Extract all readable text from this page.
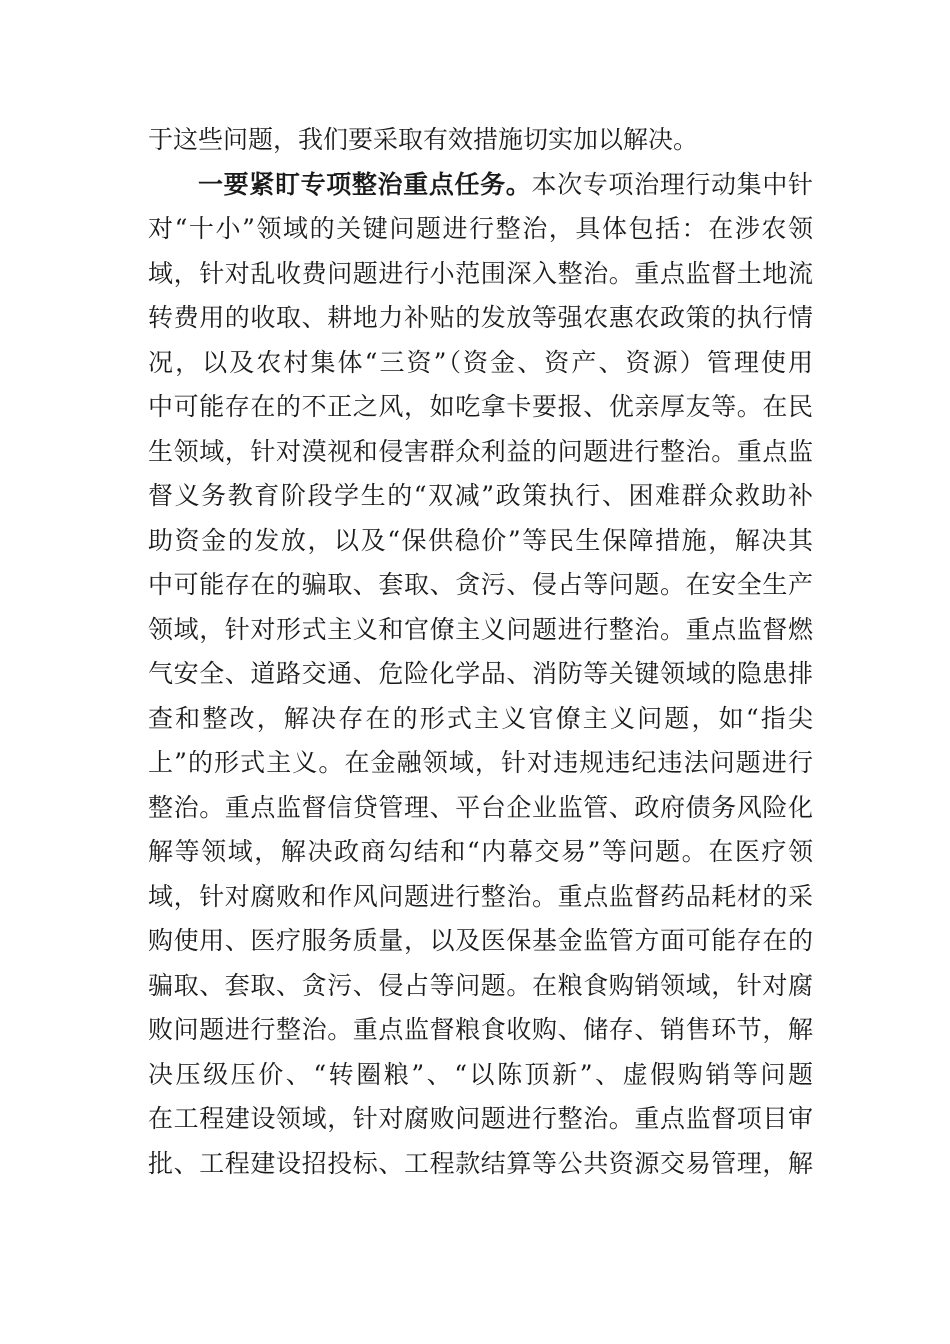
于这些问题，我们要采取有效措施切实加以解决。
一要紧盯专项整治重点任务。本次专项治理行动集中针
对“十小”领域的关键问题进行整治，具体包括：在涉农领
域，针对乱收费问题进行小范围深入整治。重点监督土地流
转费用的收取、耕地力补贴的发放等强农惠农政策的执行情
况，以及农村集体“三资”（资金、资产、资源）管理使用
中可能存在的不正之风，如吃拿卡要报、优亲厚友等。在民
生领域，针对漠视和侵害群众利益的问题进行整治。重点监
督义务教育阶段学生的“双减”政策执行、困难群众救助补
助资金的发放，以及“保供稳价”等民生保障措施，解决其
中可能存在的骗取、套取、贪污、侵占等问题。在安全生产
领域，针对形式主义和官僚主义问题进行整治。重点监督燃
气安全、道路交通、危险化学品、消防等关键领域的隐患排
查和整改，解决存在的形式主义官僚主义问题，如“指尖
上”的形式主义。在金融领域，针对违规违纪违法问题进行
整治。重点监督信贷管理、平台企业监管、政府债务风险化
解等领域，解决政商勾结和“内幕交易”等问题。在医疗领
域，针对腐败和作风问题进行整治。重点监督药品耗材的采
购使用、医疗服务质量，以及医保基金监管方面可能存在的
骗取、套取、贪污、侵占等问题。在粮食购销领域，针对腐
败问题进行整治。重点监督粮食收购、储存、销售环节，解
决压级压价、“转圈粮”、“以陈顶新”、虚假购销等问题
在工程建设领域，针对腐败问题进行整治。重点监督项目审
批、工程建设招投标、工程款结算等公共资源交易管理，解
